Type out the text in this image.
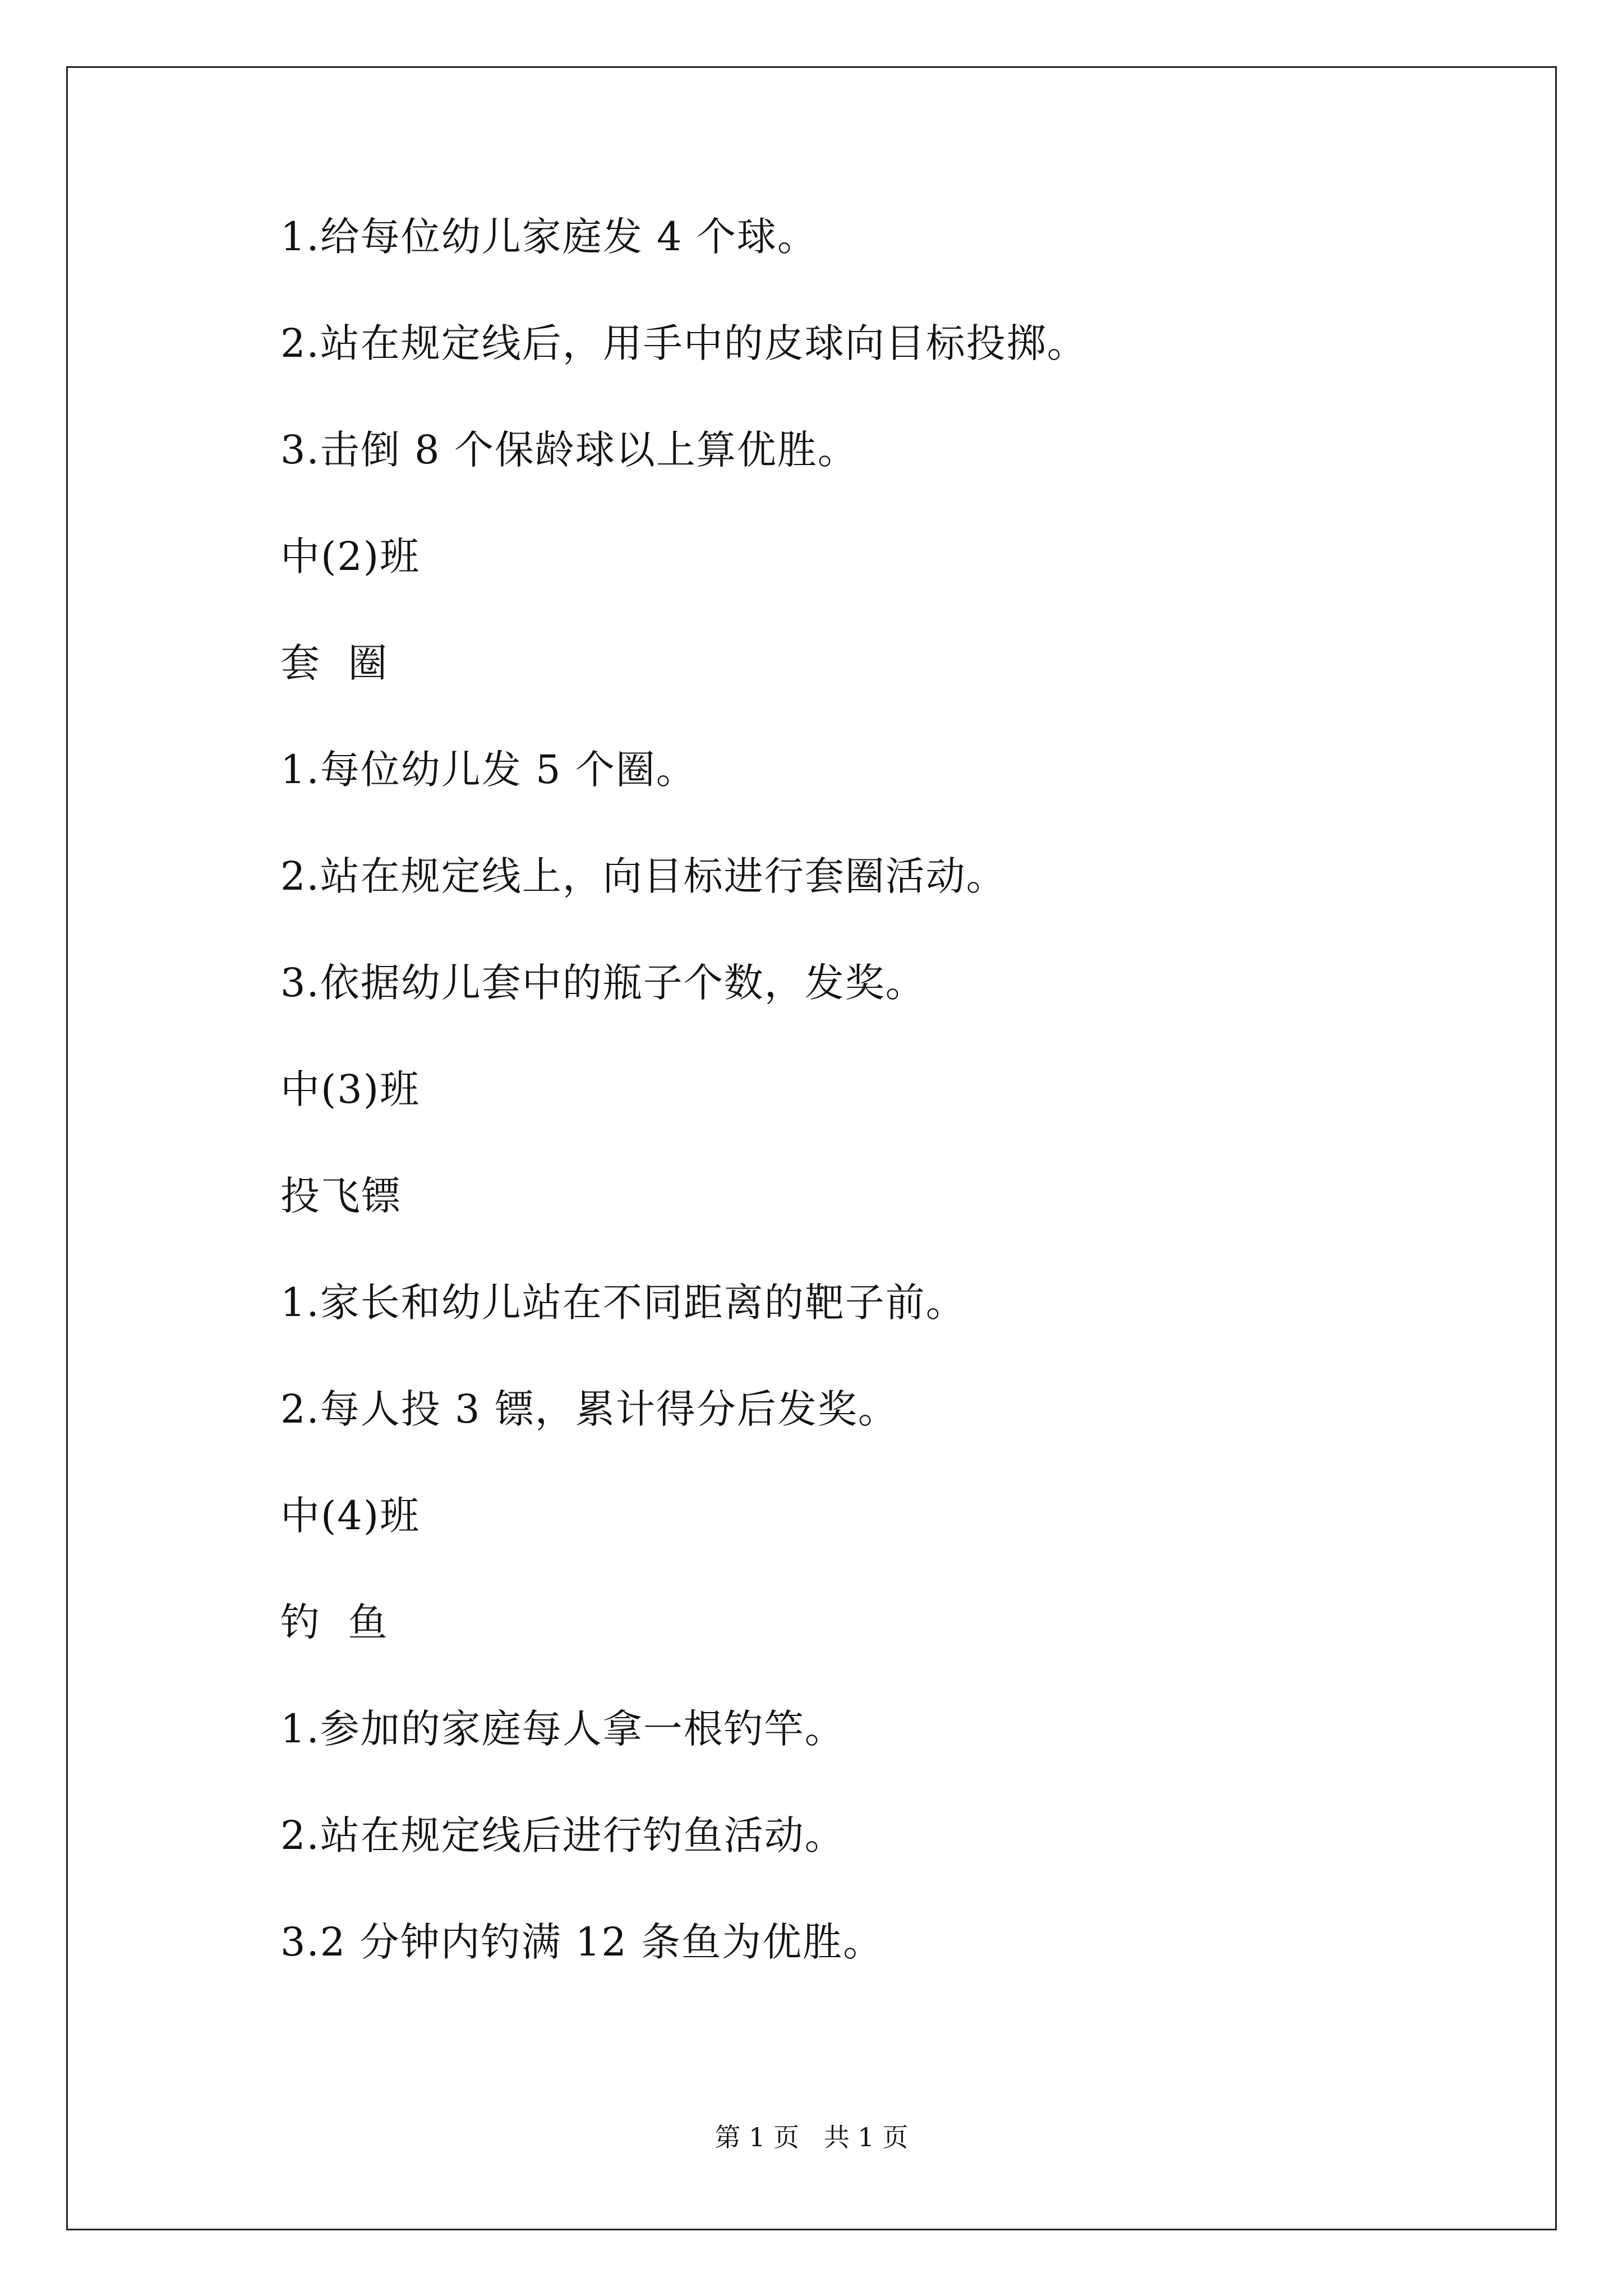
1.给每位幼儿家庭发 4 个球。
2.站在规定线后，用手中的皮球向目标投掷。
3.击倒 8 个保龄球以上算优胜。
中(2)班
套  圈
1.每位幼儿发 5 个圈。
2.站在规定线上，向目标进行套圈活动。
3.依据幼儿套中的瓶子个数，发奖。
中(3)班
投飞镖
1.家长和幼儿站在不同距离的靶子前。
2.每人投 3 镖，累计得分后发奖。
中(4)班
钓  鱼
1.参加的家庭每人拿一根钓竿。
2.站在规定线后进行钓鱼活动。
3.2 分钟内钓满 12 条鱼为优胜。
第 1 页   共 1 页
